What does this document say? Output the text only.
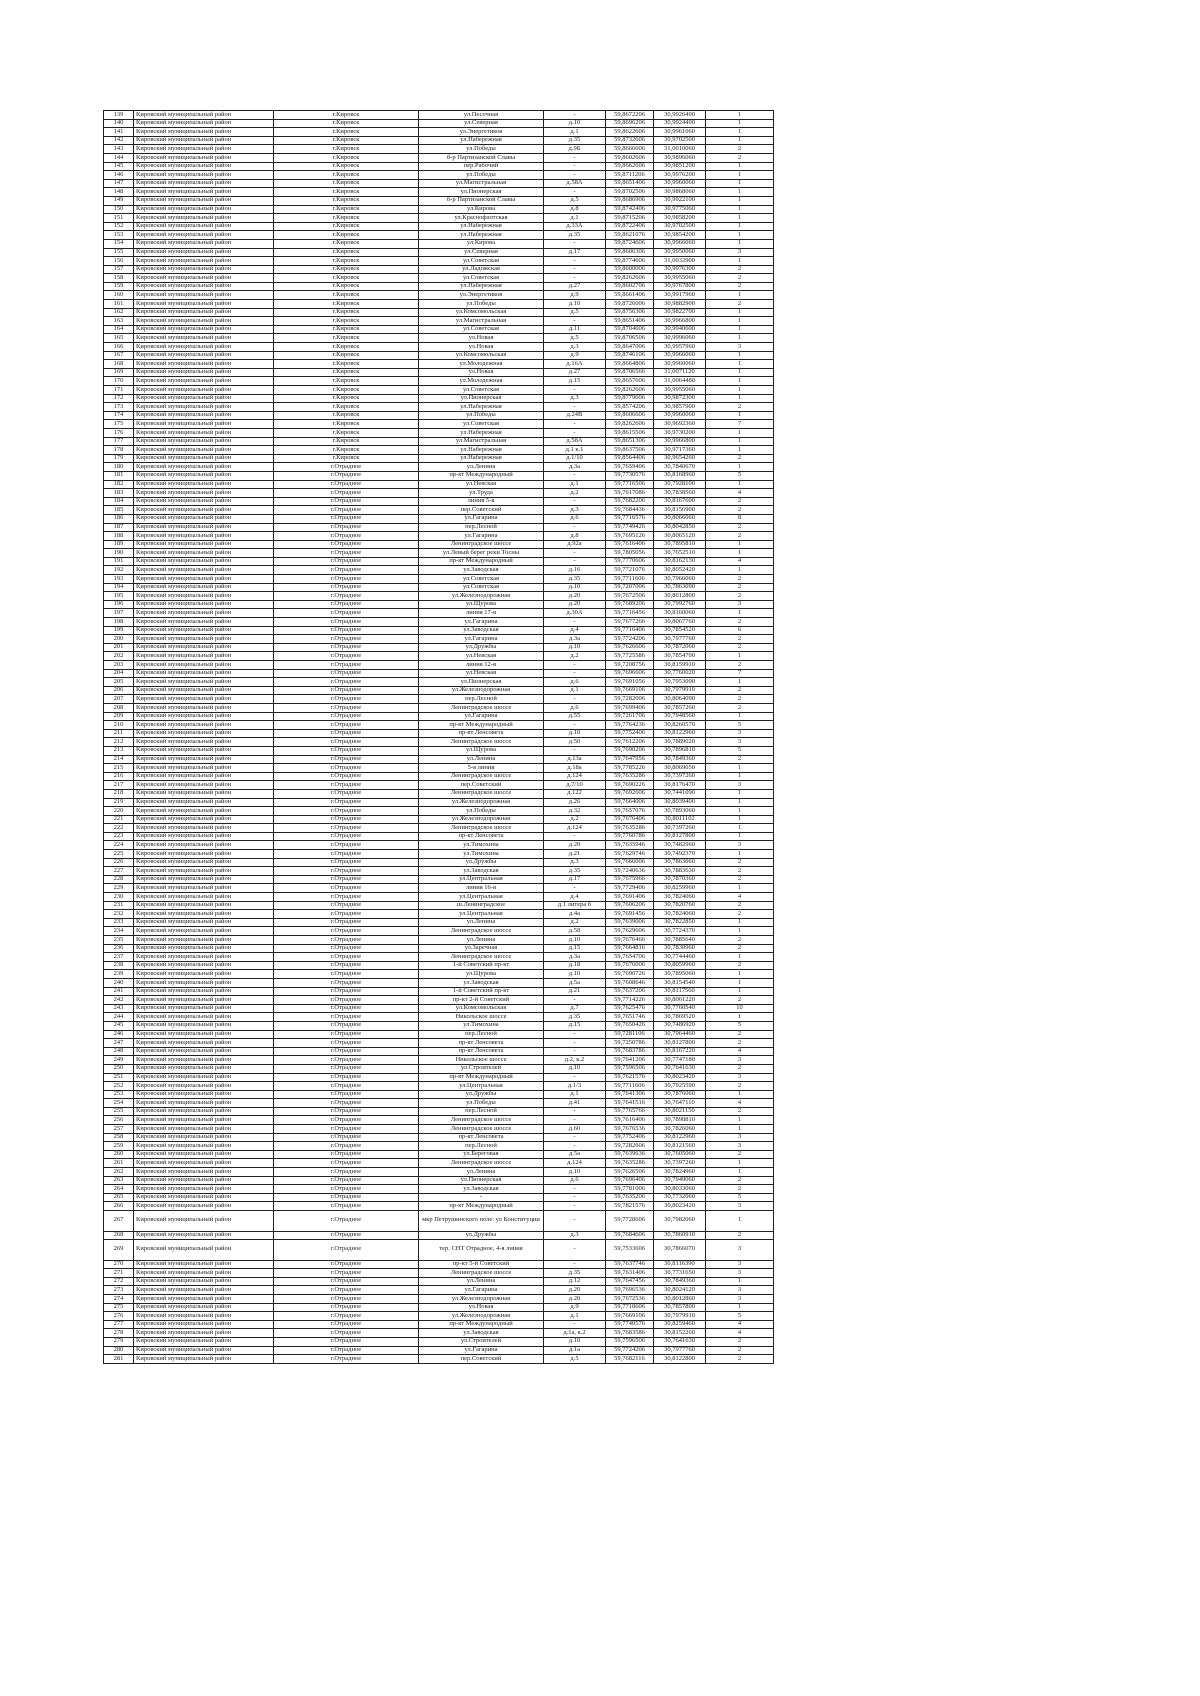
139	Кировский муниципальный район	г.Кировск	ул.Песочная	-	59,8672206	30,9926490	1
140	Кировский муниципальный район	г.Кировск	ул.Северная	д.10	59,8696206	30,9924490	1
141	Кировский муниципальный район	г.Кировск	ул.Энергетиков	д.1	59,8622606	30,9961060	1
142	Кировский муниципальный район	г.Кировск	ул.Набережная	д.35	59,8732606	30,9702500	1
143	Кировский муниципальный район	г.Кировск	ул.Победы	д.9Б	59,8666606	31,0010060	2
144	Кировский муниципальный район	г.Кировск	б-р Партизанской Славы	-	59,8602606	30,9896060	2
145	Кировский муниципальный район	г.Кировск	пер.Рабочий	-	59,8662606	30,9851200	1
146	Кировский муниципальный район	г.Кировск	ул.Победы	-	59,8711206	30,9976200	1
147	Кировский муниципальный район	г.Кировск	ул.Магистральная	д.58А	59,8651406	30,9960060	1
148	Кировский муниципальный район	г.Кировск	ул.Пионерская	-	59,8702506	30,9868060	1
149	Кировский муниципальный район	г.Кировск	б-р Партизанской Славы	д.5	59,8686906	30,9922100	1
150	Кировский муниципальный район	г.Кировск	ул.Кирова	д.8	59,8742406	30,9775060	1
151	Кировский муниципальный район	г.Кировск	ул.Краснофлотская	д.1	59,8715206	30,9858200	1
152	Кировский муниципальный район	г.Кировск	ул.Набережная	д.33А	59,8722406	30,9702500	1
153	Кировский муниципальный район	г.Кировск	ул.Набережная	д.35	59,8621076	30,9854200	1
154	Кировский муниципальный район	г.Кировск	ул.Кирова	-	59,8724606	30,9966060	1
155	Кировский муниципальный район	г.Кировск	ул.Северная	д.17	59,8606306	30,9950060	3
156	Кировский муниципальный район	г.Кировск	ул.Советская	-	59,8774606	31,0032900	1
157	Кировский муниципальный район	г.Кировск	ул.Ладожская	-	59,8600006	30,9976300	2
158	Кировский муниципальный район	г.Кировск	ул.Советская	-	59,8262606	30,9955060	2
159	Кировский муниципальный район	г.Кировск	ул.Набережная	д.27	59,8602706	30,9767800	2
160	Кировский муниципальный район	г.Кировск	ул.Энергетиков	д.9	59,8661406	30,9917960	1
161	Кировский муниципальный район	г.Кировск	ул.Победы	д.10	59,8726006	30,9882900	2
162	Кировский муниципальный район	г.Кировск	ул.Комсомольская	д.5	59,8756306	30,9822700	1
163	Кировский муниципальный район	г.Кировск	ул.Магистральная	-	59,8651406	30,9966800	1
164	Кировский муниципальный район	г.Кировск	ул.Советская	д.11	59,8704606	30,9940600	1
165	Кировский муниципальный район	г.Кировск	ул.Новая	д.5	59,8706506	30,9996060	1
166	Кировский муниципальный район	г.Кировск	ул.Новая	д.3	59,8647006	30,9957960	3
167	Кировский муниципальный район	г.Кировск	ул.Комсомольская	д.9	59,8746106	30,9966060	1
168	Кировский муниципальный район	г.Кировск	ул.Молодежная	д.16А	59,8664806	30,9960060	1
169	Кировский муниципальный район	г.Кировск	ул.Новая	д.27	59,8706566	31,0071120	1
170	Кировский муниципальный район	г.Кировск	ул.Молодежная	д.15	59,8657606	31,0064480	1
171	Кировский муниципальный район	г.Кировск	ул.Советская	-	59,8262606	30,9955060	1
172	Кировский муниципальный район	г.Кировск	ул.Пионерская	д.3	59,8779606	30,9872300	1
173	Кировский муниципальный район	г.Кировск	ул.Набережная	-	59,8574206	30,9857900	2
174	Кировский муниципальный район	г.Кировск	ул.Победы	д.24В	59,8606606	30,9960060	1
175	Кировский муниципальный район	г.Кировск	ул.Советская	-	59,8262606	30,9692360	7
176	Кировский муниципальный район	г.Кировск	ул.Набережная	-	59,8615506	30,9730200	1
177	Кировский муниципальный район	г.Кировск	ул.Магистральная	д.58А	59,8651306	30,9966800	1
178	Кировский муниципальный район	г.Кировск	ул.Набережная	д.1 к.1	59,8637506	30,9717360	1
179	Кировский муниципальный район	г.Кировск	ул.Набережная	д.1/10	59,8564406	30,9654260	2
180	Кировский муниципальный район	г.Отрадное	ул.Ленина	д.3а	59,7659406	30,7840670	1
181	Кировский муниципальный район	г.Отрадное	пр-кт Международный	-	59,7730576	30,8168960	5
182	Кировский муниципальный район	г.Отрадное	ул.Невская	д.1	59,7716506	30,7928100	1
183	Кировский муниципальный район	г.Отрадное	ул.Труда	д.2	59,7617086	30,7838560	4
184	Кировский муниципальный район	г.Отрадное	линия 5-я	-	59,7682206	30,8167600	2
185	Кировский муниципальный район	г.Отрадное	пер.Советский	д.3	59,7684436	30,8156900	2
186	Кировский муниципальный район	г.Отрадное	ул.Гагарина	д.6	59,7716576	30,8066060	8
187	Кировский муниципальный район	г.Отрадное	пер.Лесной	-	59,7749426	30,8042850	2
188	Кировский муниципальный район	г.Отрадное	ул.Гагарина	д.8	59,7695126	30,8065120	2
189	Кировский муниципальный район	г.Отрадное	Ленинградское шоссе	д.92а	59,7616406	30,7895810	1
190	Кировский муниципальный район	г.Отрадное	ул.Левый берег реки Тосны	-	59,7805056	30,7652510	1
191	Кировский муниципальный район	г.Отрадное	пр-кт Международный	-	59,7770606	30,8162130	4
192	Кировский муниципальный район	г.Отрадное	ул.Заводская	д.16	59,7721076	30,8052420	1
193	Кировский муниципальный район	г.Отрадное	ул.Советская	д.35	59,7711606	30,7966060	2
194	Кировский муниципальный район	г.Отрадное	ул.Советская	д.10	59,7207006	30,7863090	2
195	Кировский муниципальный район	г.Отрадное	ул.Железнодорожная	д.20	59,7672506	30,8012800	2
196	Кировский муниципальный район	г.Отрадное	ул.Щурова	д.20	59,7689206	30,7992760	3
197	Кировский муниципальный район	г.Отрадное	линия 17-я	д.30А	59,7716456	30,8160060	1
198	Кировский муниципальный район	г.Отрадное	ул.Гагарина	-	59,7677266	30,8067760	2
199	Кировский муниципальный район	г.Отрадное	ул.Заводская	д.4	59,7716406	30,7854520	6
200	Кировский муниципальный район	г.Отрадное	ул.Гагарина	д.3а	59,7724206	30,7977760	2
201	Кировский муниципальный район	г.Отрадное	ул.Дружбы	д.10	59,7626606	30,7872060	2
202	Кировский муниципальный район	г.Отрадное	ул.Невская	д.2	59,7725586	30,7854700	1
203	Кировский муниципальный район	г.Отрадное	линия 12-я	-	59,7208756	30,8159910	2
204	Кировский муниципальный район	г.Отрадное	ул.Невская	-	59,7696606	30,7760020	7
205	Кировский муниципальный район	г.Отрадное	ул.Пионерская	д.6	59,7691056	30,7953090	1
206	Кировский муниципальный район	г.Отрадное	ул.Железнодорожная	д.1	59,7669106	30,7979910	2
207	Кировский муниципальный район	г.Отрадное	пер.Лесной	-	59,7282006	30,8064090	2
208	Кировский муниципальный район	г.Отрадное	Ленинградское шоссе	д.6	59,7699406	30,7857260	2
209	Кировский муниципальный район	г.Отрадное	ул.Гагарина	д.55	59,7261706	30,7948560	1
210	Кировский муниципальный район	г.Отрадное	пр-кт Международный	-	59,7764236	30,8260570	5
211	Кировский муниципальный район	г.Отрадное	пр-кт Ленсовета	д.10	59,7752406	30,8122960	3
212	Кировский муниципальный район	г.Отрадное	Ленинградское шоссе	д.50	59,7612206	30,7889020	3
213	Кировский муниципальный район	г.Отрадное	ул.Щурова	-	59,7690206	30,7896810	5
214	Кировский муниципальный район	г.Отрадное	ул.Ленина	д.13а	59,7647956	30,7849360	2
215	Кировский муниципальный район	г.Отрадное	5-я линия	д.18а	59,7785226	30,8069050	1
216	Кировский муниципальный район	г.Отрадное	Ленинградское шоссе	д.124	59,7635286	30,7397260	1
217	Кировский муниципальный район	г.Отрадное	пер.Советский	д.7/10	59,7690226	30,8176470	3
218	Кировский муниципальный район	г.Отрадное	Ленинградское шоссе	д.122	59,7692606	30,7441090	1
219	Кировский муниципальный район	г.Отрадное	ул.Железнодорожная	д.26	59,7664006	30,8039400	1
220	Кировский муниципальный район	г.Отрадное	ул.Победы	д.32	59,7657076	30,7893060	1
221	Кировский муниципальный район	г.Отрадное	ул.Железнодорожная	д.2	59,7676406	30,8011102	1
222	Кировский муниципальный район	г.Отрадное	Ленинградское шоссе	д.124	59,7635286	30,7397260	1
223	Кировский муниципальный район	г.Отрадное	пр-кт Ленсовета	-	59,7760786	30,8127800	1
224	Кировский муниципальный район	г.Отрадное	ул.Тимохина	д.20	59,7635946	30,7482960	3
225	Кировский муниципальный район	г.Отрадное	ул.Тимохина	д.21	59,7629746	30,7492370	1
226	Кировский муниципальный район	г.Отрадное	ул.Дружбы	д.3	59,7666006	30,7863060	2
227	Кировский муниципальный район	г.Отрадное	ул.Заводская	д.35	59,7240636	30,7883630	2
228	Кировский муниципальный район	г.Отрадное	ул.Центральная	д.17	59,7675966	30,7870360	2
229	Кировский муниципальный район	г.Отрадное	линия 16-я	-	59,7729406	30,8259960	1
230	Кировский муниципальный район	г.Отрадное	ул.Центральная	д.4	59,7691406	30,7824060	4
231	Кировский муниципальный район	г.Отрадное	ш.Ленинградское	д.1 литера б	59,7606206	30,7820760	2
232	Кировский муниципальный район	г.Отрадное	ул.Центральная	д.4а	59,7691456	30,7824060	2
233	Кировский муниципальный район	г.Отрадное	ул.Ленина	д.2	59,7639006	30,7822850	1
234	Кировский муниципальный район	г.Отрадное	Ленинградское шоссе	д.58	59,7629606	30,7724370	1
235	Кировский муниципальный район	г.Отрадное	ул.Ленина	д.10	59,7676466	30,7885640	2
236	Кировский муниципальный район	г.Отрадное	ул.Заречная	д.15	59,7664816	30,7830960	2
237	Кировский муниципальный район	г.Отрадное	Ленинградское шоссе	д.3а	59,7654706	30,7744460	1
238	Кировский муниципальный район	г.Отрадное	1-й Советский пр-кт	д.18	59,7676006	30,8059960	2
239	Кировский муниципальный район	г.Отрадное	ул.Щурова	д.10	59,7690726	30,7895060	1
240	Кировский муниципальный район	г.Отрадное	ул.Заводская	д.5а	59,7608646	30,8154540	1
241	Кировский муниципальный район	г.Отрадное	1-й Советский пр-кт	д.21	59,7637206	30,8117560	1
242	Кировский муниципальный район	г.Отрадное	пр-кт 2-й Советский	-	59,7714226	30,8061220	2
243	Кировский муниципальный район	г.Отрадное	ул.Комсомольская	д.7	59,7625476	30,7760540	10
244	Кировский муниципальный район	г.Отрадное	Никольское шоссе	д.35	59,7651746	30,7869520	1
245	Кировский муниципальный район	г.Отрадное	ул.Тимохина	д.15	59,7650426	30,7486920	5
246	Кировский муниципальный район	г.Отрадное	пер.Лесной	-	59,7281106	30,7964460	2
247	Кировский муниципальный район	г.Отрадное	пр-кт Ленсовета	-	59,7250786	30,8127800	2
248	Кировский муниципальный район	г.Отрадное	пр-кт Ленсовета	-	59,7683786	30,8167220	4
249	Кировский муниципальный район	г.Отрадное	Никольское шоссе	д.2, к.2	59,7641206	30,7747180	3
250	Кировский муниципальный район	г.Отрадное	ул.Строителей	д.10	59,7596506	30,7641630	2
251	Кировский муниципальный район	г.Отрадное	пр-кт Международный	-	59,7621576	30,8023420	3
252	Кировский муниципальный район	г.Отрадное	ул.Центральная	д.1/3	59,7711606	30,7925590	2
253	Кировский муниципальный район	г.Отрадное	ул.Дружбы	д.1	59,7641306	30,7876060	1
254	Кировский муниципальный район	г.Отрадное	ул.Победы	д.41	59,7641516	30,7647110	4
255	Кировский муниципальный район	г.Отрадное	пер.Лесной	-	59,7765766	30,8021150	2
256	Кировский муниципальный район	г.Отрадное	Ленинградское шоссе	-	59,7616406	30,7898810	1
257	Кировский муниципальный район	г.Отрадное	Ленинградское шоссе	д.60	59,7676536	30,7826060	1
258	Кировский муниципальный район	г.Отрадное	пр-кт Ленсовета	-	59,7752406	30,8122960	3
259	Кировский муниципальный район	г.Отрадное	пер.Лесной	-	59,7282606	30,8121560	3
260	Кировский муниципальный район	г.Отрадное	ул.Береговая	д.5а	59,7639636	30,7605060	2
261	Кировский муниципальный район	г.Отрадное	Ленинградское шоссе	д.124	59,7635286	30,7397260	1
262	Кировский муниципальный район	г.Отрадное	ул.Ленина	д.10	59,7626506	30,7824960	1
263	Кировский муниципальный район	г.Отрадное	ул.Пионерская	д.6	59,7696406	30,7949060	2
264	Кировский муниципальный район	г.Отрадное	ул.Заводская	-	59,7781006	30,8033060	2
265	Кировский муниципальный район	г.Отрадное	-	-	59,7635206	30,7732060	5
266	Кировский муниципальный район	г.Отрадное	пр-кт Международный	-	59,7821576	30,8023420	3
267	Кировский муниципальный район	г.Отрадное	мкр Петрушинского поле: ул Конституции	-	59,7728606	30,7982060	1
268	Кировский муниципальный район	г.Отрадное	ул.Дружбы	д.3	59,7684606	30,7860910	2
269	Кировский муниципальный район	г.Отрадное	тер. СНТ Отрадное, 4-я линия	-	59,7533606	30,7866070	3
270	Кировский муниципальный район	г.Отрадное	пр-кт 5-й Советский	-	59,7637746	30,8116390	3
271	Кировский муниципальный район	г.Отрадное	Ленинградское шоссе	д.35	59,7631406	30,7731650	3
272	Кировский муниципальный район	г.Отрадное	ул.Ленина	д.12	59,7647456	30,7849360	1
273	Кировский муниципальный район	г.Отрадное	ул.Гагарина	д.20	59,7696536	30,8024120	3
274	Кировский муниципальный район	г.Отрадное	ул.Железнодорожная	д.20	59,7672536	30,8012860	3
275	Кировский муниципальный район	г.Отрадное	ул.Новая	д.9	59,7718606	30,7857800	1
276	Кировский муниципальный район	г.Отрадное	ул.Железнодорожная	д.1	59,7669106	30,7979910	5
277	Кировский муниципальный район	г.Отрадное	пр-кт Международный	-	59,7740576	30,8259460	4
278	Кировский муниципальный район	г.Отрадное	ул.Заводская	д.1а, к.2	59,7683586	30,8152260	4
279	Кировский муниципальный район	г.Отрадное	ул.Строителей	д.10	59,7596506	30,7641630	2
280	Кировский муниципальный район	г.Отрадное	ул.Гагарина	д.1а	59,7724206	30,7977760	2
281	Кировский муниципальный район	г.Отрадное	пер.Советский	д.5	59,7682116	30,8122800	2
